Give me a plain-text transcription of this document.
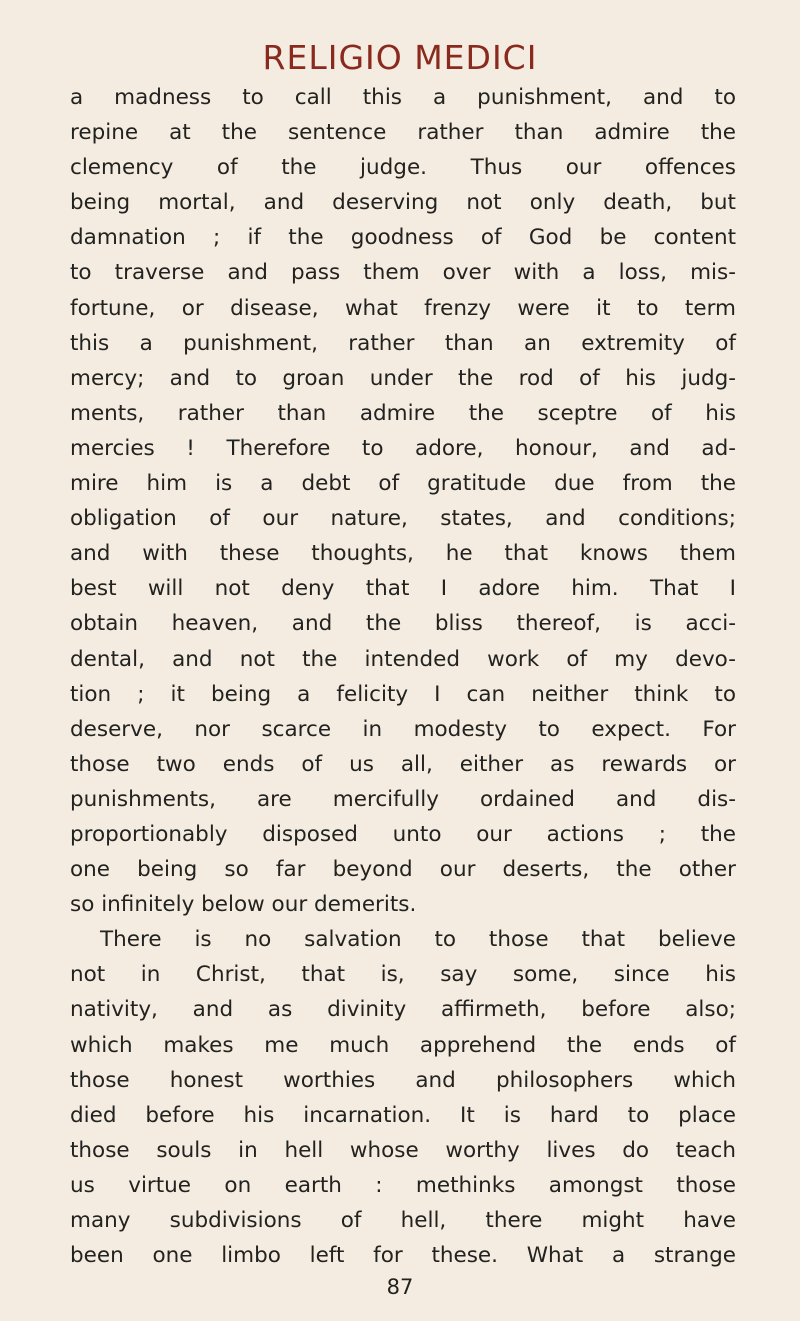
RELIGIO MEDICI
a madness to call this a punishment, and to
repine at the sentence rather than admire the
clemency of the judge. Thus our offences
being mortal, and deserving not only death, but
damnation ; if the goodness of God be content
to traverse and pass them over with a loss, mis-
fortune, or disease, what frenzy were it to term
this a punishment, rather than an extremity of
mercy; and to groan under the rod of his judg-
ments, rather than admire the sceptre of his
mercies ! Therefore to adore, honour, and ad-
mire him is a debt of gratitude due from the
obligation of our nature, states, and conditions;
and with these thoughts, he that knows them
best will not deny that I adore him. That I
obtain heaven, and the bliss thereof, is acci-
dental, and not the intended work of my devo-
tion ; it being a felicity I can neither think to
deserve, nor scarce in modesty to expect. For
those two ends of us all, either as rewards or
punishments, are mercifully ordained and dis-
proportionably disposed unto our actions ; the
one being so far beyond our deserts, the other
so infinitely below our demerits.
There is no salvation to those that believe
not in Christ, that is, say some, since his
nativity, and as divinity affirmeth, before also;
which makes me much apprehend the ends of
those honest worthies and philosophers which
died before his incarnation. It is hard to place
those souls in hell whose worthy lives do teach
us virtue on earth : methinks amongst those
many subdivisions of hell, there might have
been one limbo left for these. What a strange
87
